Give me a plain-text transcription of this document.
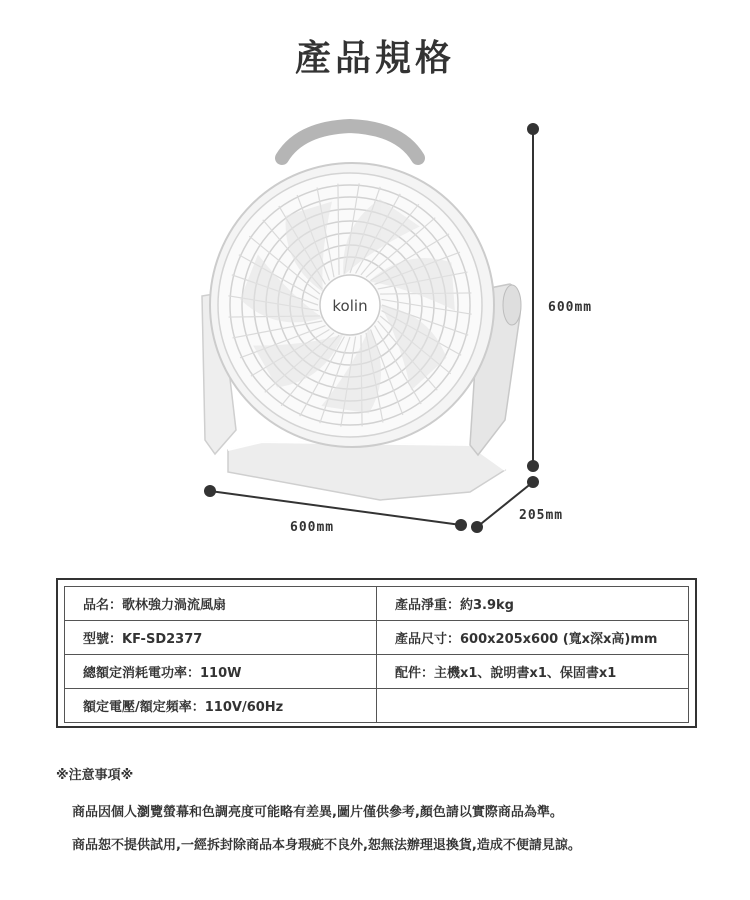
產品規格
kolin	600mm
600mm
205mm
品名：歌林強力渦流風扇	產品淨重：約3.9kg
型號：KF-SD2377	產品尺寸：600x205x600 (寬x深x高)mm
總額定消耗電功率：110W	配件：主機x1、說明書x1、保固書x1
額定電壓/額定頻率：110V/60Hz	
※注意事項※
商品因個人瀏覽螢幕和色調亮度可能略有差異,圖片僅供參考,顏色請以實際商品為準。
商品恕不提供試用,一經拆封除商品本身瑕疵不良外,恕無法辦理退換貨,造成不便請見諒。
